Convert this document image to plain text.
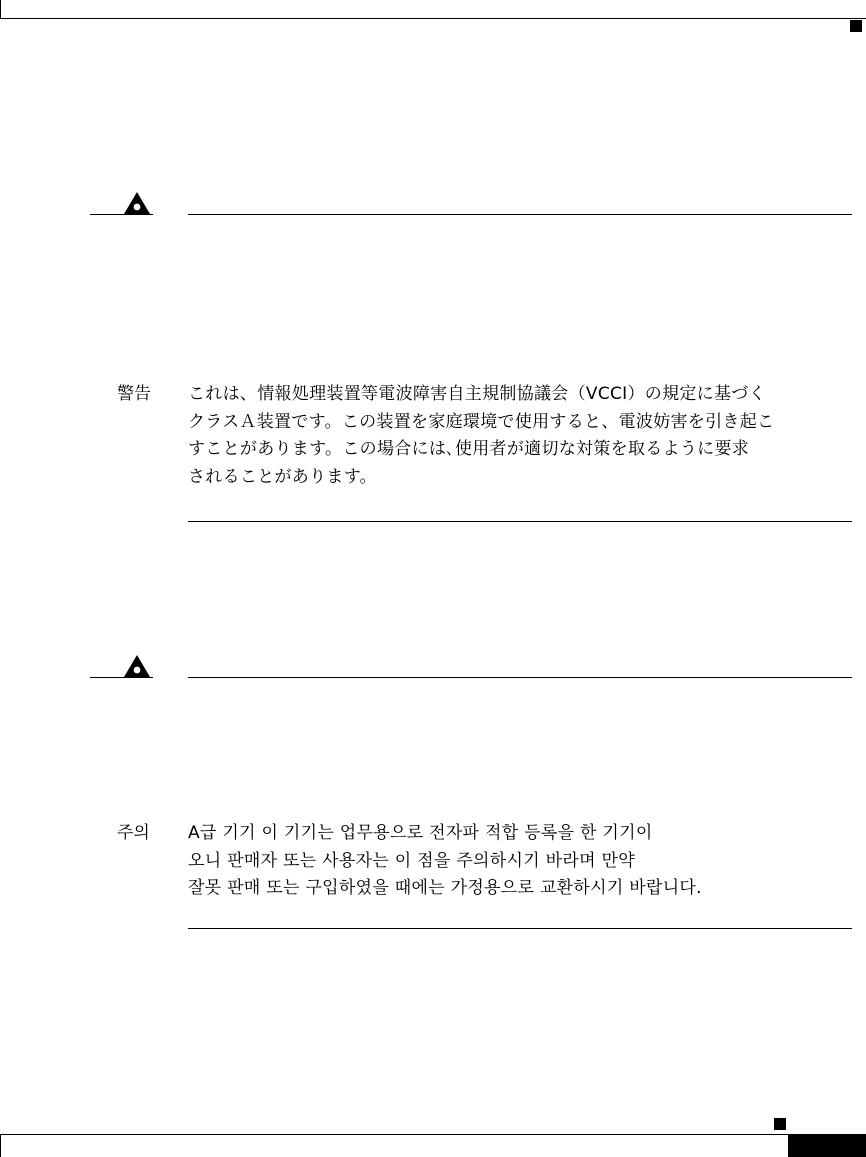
警告 これは、情報処理装置等電波障害自主規制協議会（VCCI）の規定に基づく
クラスＡ装置です。この装置を家庭環境で使用すると、電波妨害を引き起こ
すことがあります。この場合には､使用者が適切な対策を取るように要求
されることがあります。
주의 A급 기기 이 기기는 업무용으로 전자파 적합 등록을 한 기기이
오니 판매자 또는 사용자는 이 점을 주의하시기 바라며 만약
잘못 판매 또는 구입하였을 때에는 가정용으로 교환하시기 바랍니다.
